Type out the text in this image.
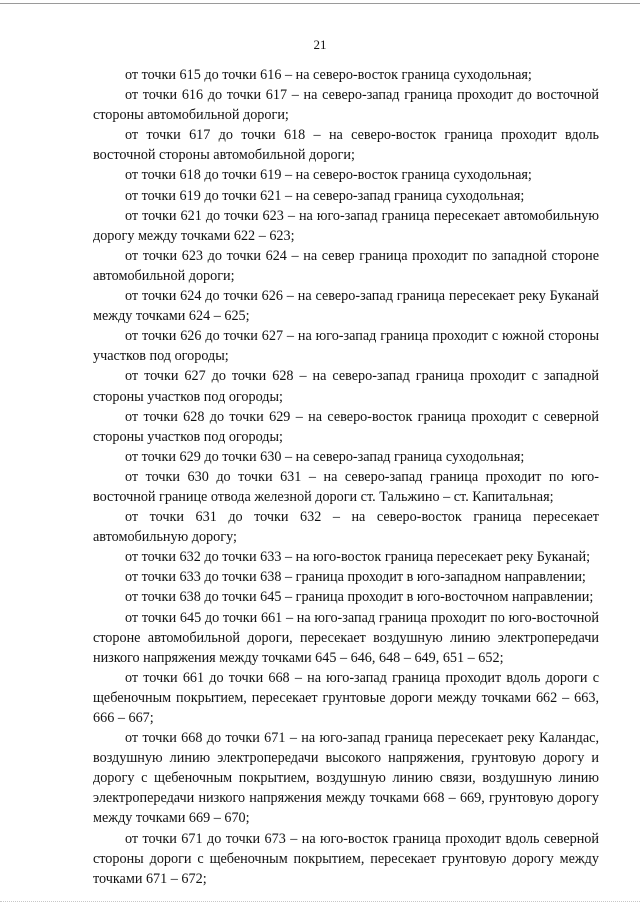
21

от точки 615 до точки 616 – на северо-восток граница суходольная;

от точки 616 до точки 617 – на северо-запад граница проходит до восточной стороны автомобильной дороги;

от точки 617 до точки 618 – на северо-восток граница проходит вдоль восточной стороны автомобильной дороги;

от точки 618 до точки 619 – на северо-восток граница суходольная;

от точки 619 до точки 621 – на северо-запад граница суходольная;

от точки 621 до точки 623 – на юго-запад граница пересекает автомобильную дорогу между точками 622 – 623;

от точки 623 до точки 624 – на север граница проходит по западной стороне автомобильной дороги;

от точки 624 до точки 626 – на северо-запад граница пересекает реку Буканай между точками 624 – 625;

от точки 626 до точки 627 – на юго-запад граница проходит с южной стороны участков под огороды;

от точки 627 до точки 628 – на северо-запад граница проходит с западной стороны участков под огороды;

от точки 628 до точки 629 – на северо-восток граница проходит с северной стороны участков под огороды;

от точки 629 до точки 630 – на северо-запад граница суходольная;

от точки 630 до точки 631 – на северо-запад граница проходит по юго-восточной границе отвода железной дороги ст. Тальжино – ст. Капитальная;

от точки 631 до точки 632 – на северо-восток граница пересекает автомобильную дорогу;

от точки 632 до точки 633 – на юго-восток граница пересекает реку Буканай;

от точки 633 до точки 638 – граница проходит в юго-западном направлении;

от точки 638 до точки 645 – граница проходит в юго-восточном направлении;

от точки 645 до точки 661 – на юго-запад граница проходит по юго-восточной стороне автомобильной дороги, пересекает воздушную линию электропередачи низкого напряжения между точками 645 – 646, 648 – 649, 651 – 652;

от точки 661 до точки 668 – на юго-запад граница проходит вдоль дороги с щебеночным покрытием, пересекает грунтовые дороги между точками 662 – 663, 666 – 667;

от точки 668 до точки 671 – на юго-запад граница пересекает реку Каландас, воздушную линию электропередачи высокого напряжения, грунтовую дорогу и дорогу с щебеночным покрытием, воздушную линию связи, воздушную линию электропередачи низкого напряжения между точками 668 – 669, грунтовую дорогу между точками 669 – 670;

от точки 671 до точки 673 – на юго-восток граница проходит вдоль северной стороны дороги с щебеночным покрытием, пересекает грунтовую дорогу между точками 671 – 672;
